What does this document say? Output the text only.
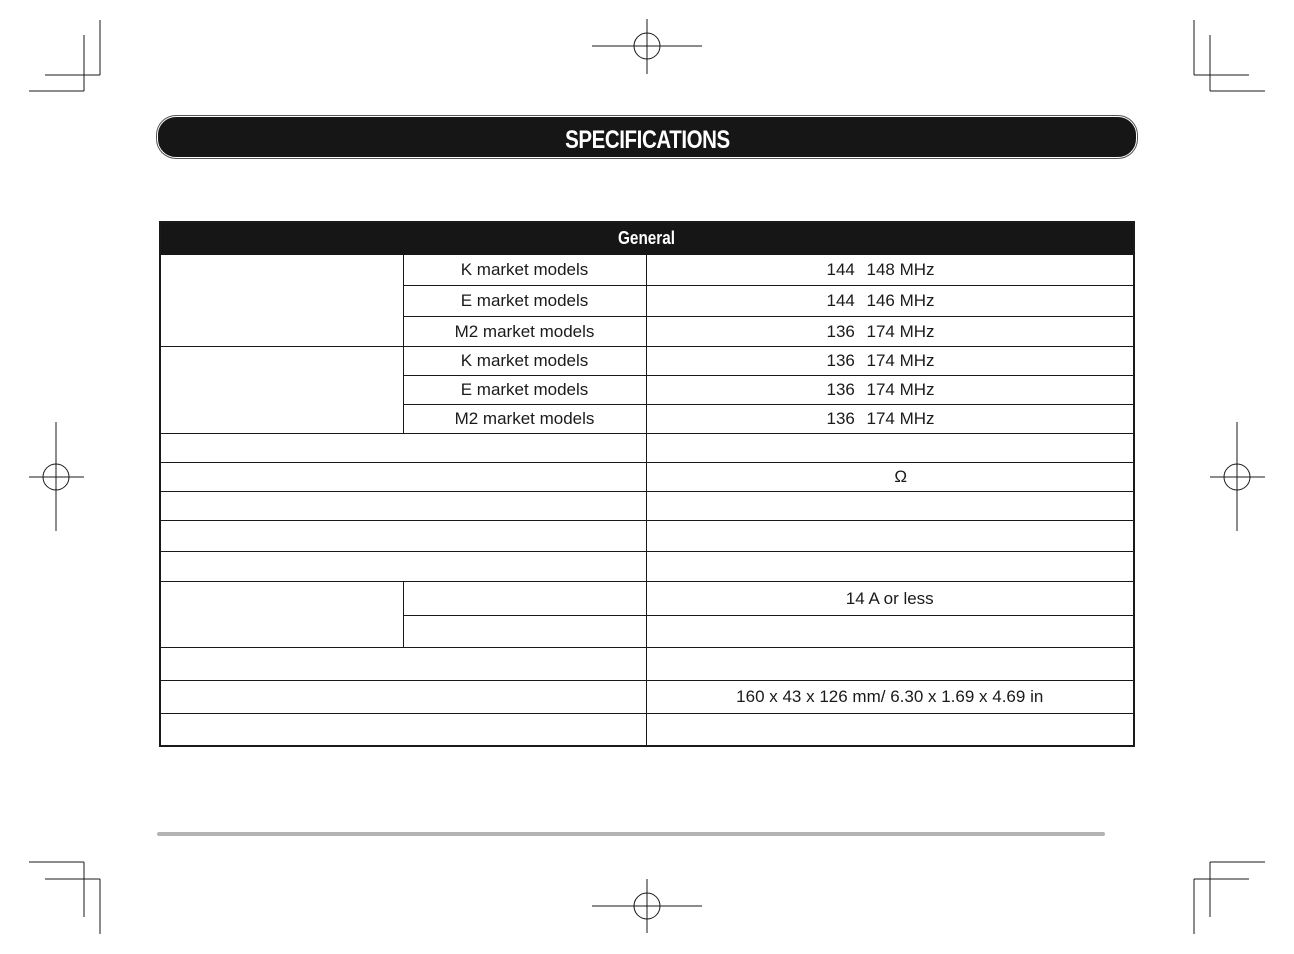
SPECIFICATIONS
General		
	K market models	144 148 MHz
	E market models	144 146 MHz
	M2 market models	136 174 MHz
	K market models	136 174 MHz
	E market models	136 174 MHz
	M2 market models	136 174 MHz

		Ω

		14 A or less

		160 x 43 x 126 mm/ 6.30 x 1.69 x 4.69 in
